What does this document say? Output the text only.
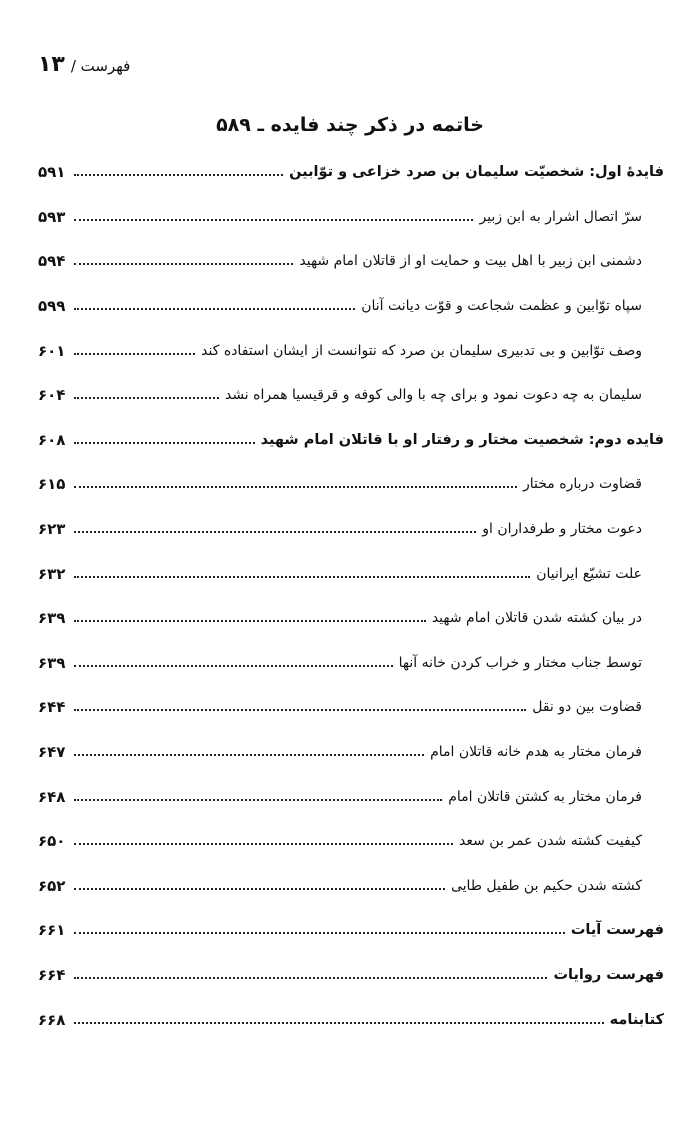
فهرست /
۱۳
خاتمه در ذکر چند فایده ـ ۵۸۹
فایدهٔ اول: شخصیّت سلیمان بن صرد خزاعی و توّابین
۵۹۱
سرّ اتصال اشرار به ابن زبیر
۵۹۳
دشمنی ابن زبیر با اهل بیت و حمایت او از قاتلان امام شهید
۵۹۴
سپاه توّابین و عظمت شجاعت و قوّت دیانت آنان
۵۹۹
وصف توّابین و بی تدبیری سلیمان بن صرد که نتوانست از ایشان استفاده کند
۶۰۱
سلیمان به چه دعوت نمود و برای چه با والی کوفه و قرقیسیا همراه نشد
۶۰۴
فایده دوم: شخصیت مختار و رفتار او با قاتلان امام شهید
۶۰۸
قضاوت درباره مختار
۶۱۵
دعوت مختار و طرفداران او
۶۲۳
علت تشیّع ایرانیان
۶۳۲
در بیان کشته شدن قاتلان امام شهید
۶۳۹
توسط جناب مختار و خراب کردن خانه آنها
۶۳۹
قضاوت بین دو نقل
۶۴۴
فرمان مختار به هدم خانه قاتلان امام
۶۴۷
فرمان مختار به کشتن قاتلان امام
۶۴۸
کیفیت کشته شدن عمر بن سعد
۶۵۰
کشته شدن حکیم بن طفیل طایی
۶۵۲
فهرست آیات
۶۶۱
فهرست روایات
۶۶۴
کتابنامه
۶۶۸
